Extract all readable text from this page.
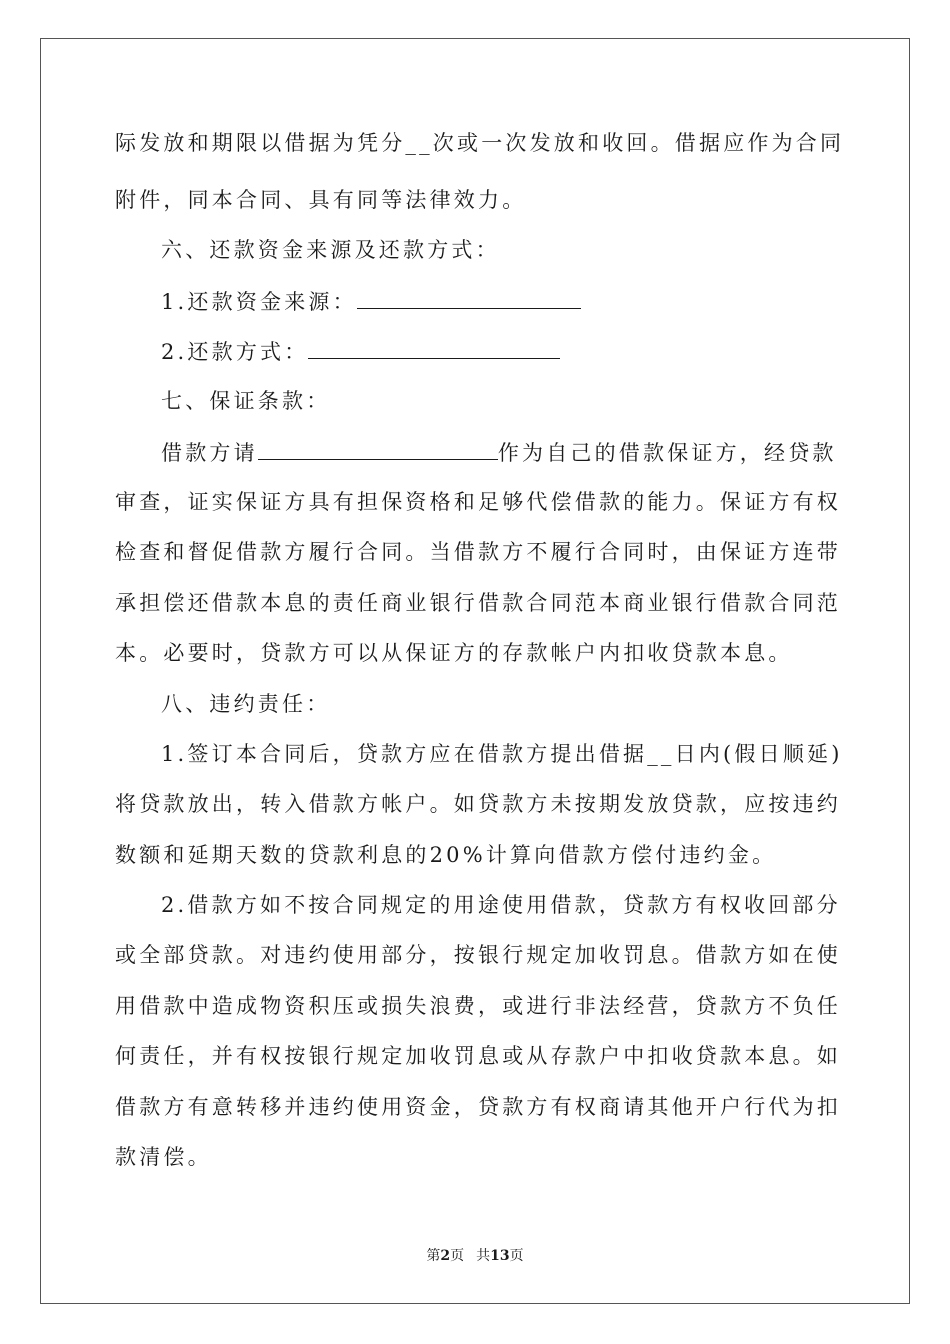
际发放和期限以借据为凭分__次或一次发放和收回。借据应作为合同
附件，同本合同、具有同等法律效力。
六、还款资金来源及还款方式：
1.还款资金来源：
2.还款方式：
七、保证条款：
借款方请	作为自己的借款保证方，经贷款
审查，证实保证方具有担保资格和足够代偿借款的能力。保证方有权
检查和督促借款方履行合同。当借款方不履行合同时，由保证方连带
承担偿还借款本息的责任商业银行借款合同范本商业银行借款合同范
本。必要时，贷款方可以从保证方的存款帐户内扣收贷款本息。
八、违约责任：
1.签订本合同后，贷款方应在借款方提出借据__日内(假日顺延)
将贷款放出，转入借款方帐户。如贷款方未按期发放贷款，应按违约
数额和延期天数的贷款利息的20%计算向借款方偿付违约金。
2.借款方如不按合同规定的用途使用借款，贷款方有权收回部分
或全部贷款。对违约使用部分，按银行规定加收罚息。借款方如在使
用借款中造成物资积压或损失浪费，或进行非法经营，贷款方不负任
何责任，并有权按银行规定加收罚息或从存款户中扣收贷款本息。如
借款方有意转移并违约使用资金，贷款方有权商请其他开户行代为扣
款清偿。
第2页 共13页
